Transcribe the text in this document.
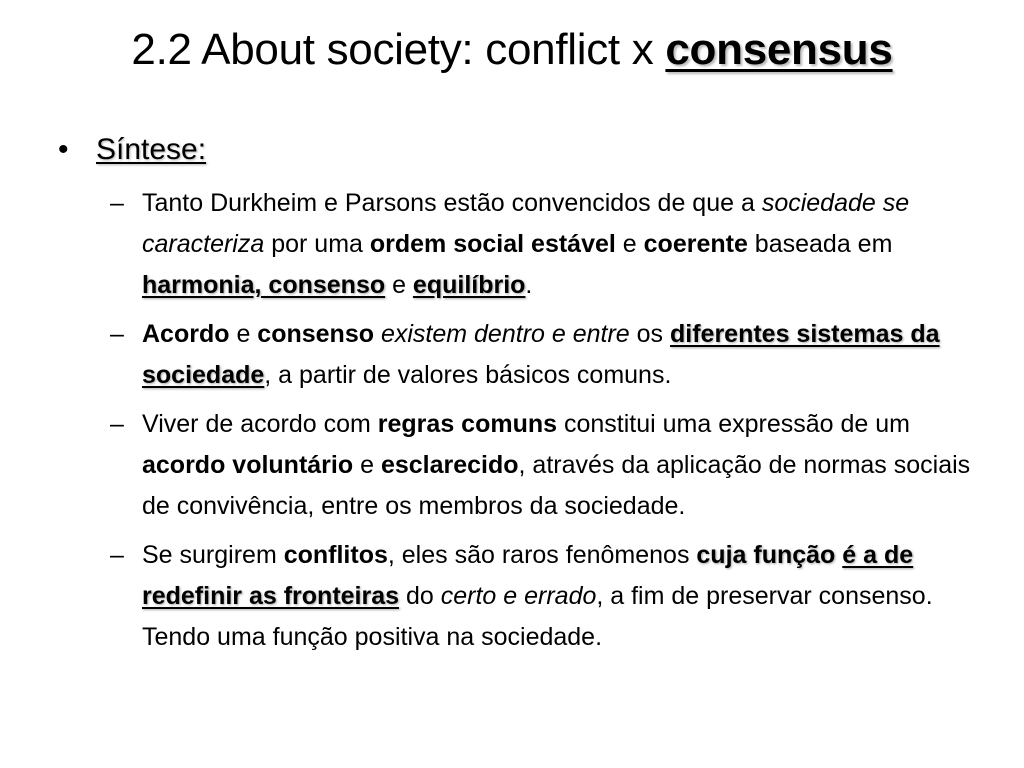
2.2 About society: conflict x consensus
• Síntese:
– Tanto Durkheim e Parsons estão convencidos de que a sociedade se caracteriza por uma ordem social estável e coerente baseada em harmonia, consenso e equilíbrio.
– Acordo e consenso existem dentro e entre os diferentes sistemas da sociedade, a partir de valores básicos comuns.
– Viver de acordo com regras comuns constitui uma expressão de um acordo voluntário e esclarecido, através da aplicação de normas sociais de convivência, entre os membros da sociedade.
– Se surgirem conflitos, eles são raros fenômenos cuja função é a de redefinir as fronteiras do certo e errado, a fim de preservar consenso. Tendo uma função positiva na sociedade.
